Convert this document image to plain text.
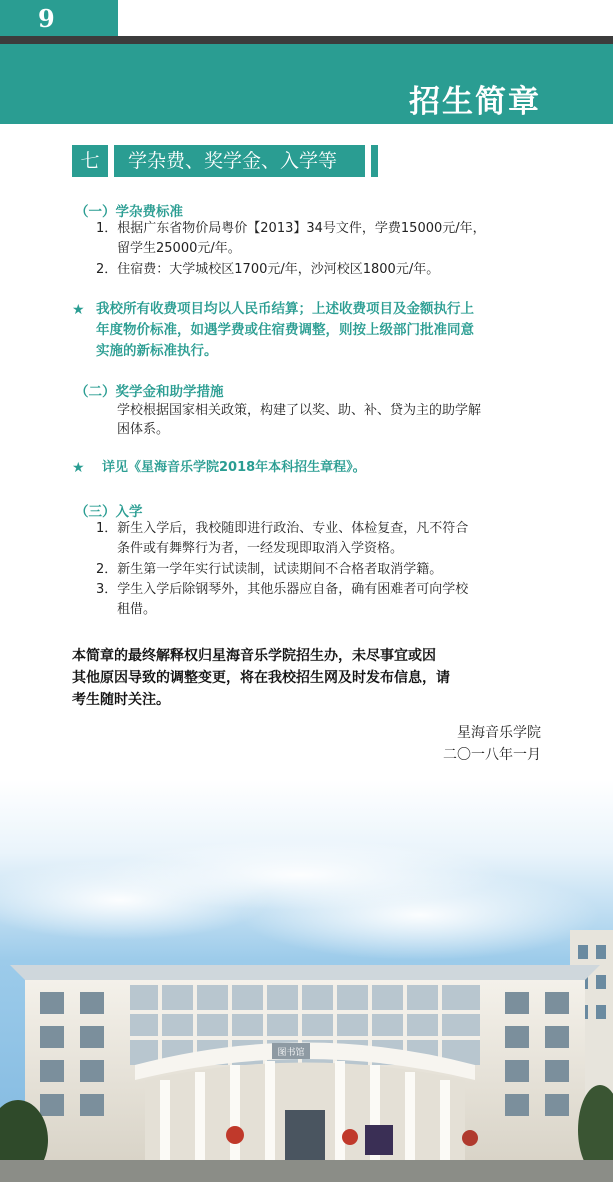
9
招生简章
七	学杂费、奖学金、入学等
（一）学杂费标准
1．根据广东省物价局粤价【2013】34号文件，学费15000元/年，
留学生25000元/年。
2．住宿费：大学城校区1700元/年，沙河校区1800元/年。
★ 我校所有收费项目均以人民币结算；上述收费项目及金额执行上
年度物价标准，如遇学费或住宿费调整，则按上级部门批准同意
实施的新标准执行。
（二）奖学金和助学措施
学校根据国家相关政策，构建了以奖、助、补、贷为主的助学解
困体系。
★ 详见《星海音乐学院2018年本科招生章程》。
（三）入学
1．新生入学后，我校随即进行政治、专业、体检复查，凡不符合
条件或有舞弊行为者，一经发现即取消入学资格。
2．新生第一学年实行试读制，试读期间不合格者取消学籍。
3．学生入学后除钢琴外，其他乐器应自备，确有困难者可向学校
租借。
本简章的最终解释权归星海音乐学院招生办，未尽事宜或因
其他原因导致的调整变更，将在我校招生网及时发布信息，请
考生随时关注。
星海音乐学院
二〇一八年一月
图书馆
